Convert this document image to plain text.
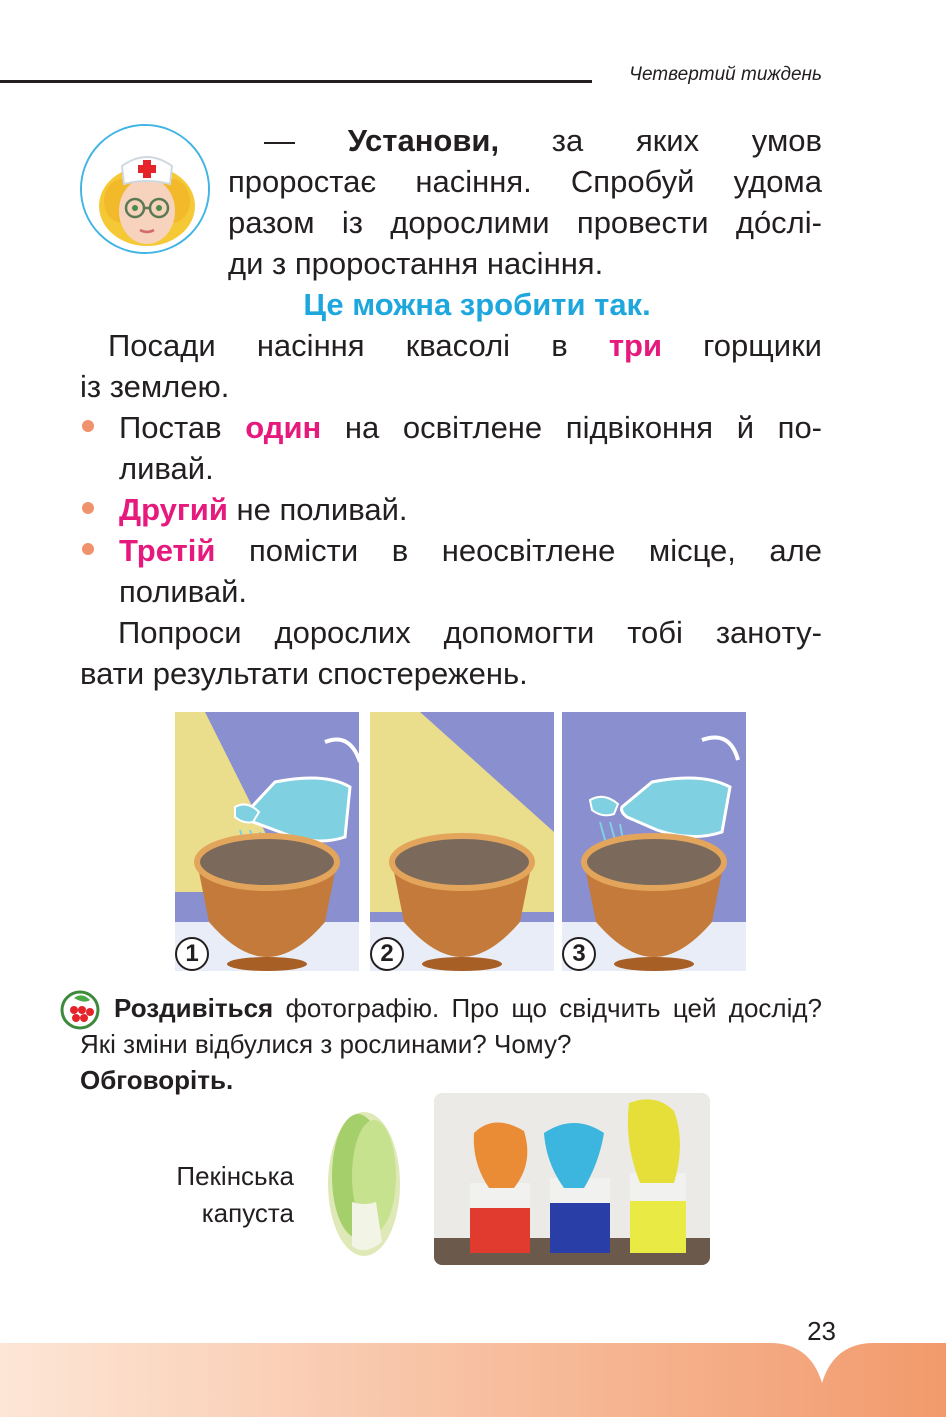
Четвертий тиждень

— Установи, за яких умов

проростає насіння. Спробуй удома

разом із дорослими провести до́слі-

ди з проростання насіння.

Це можна зробити так.

Посади насіння квасолі в три горщики

із землею.

Постав один на освітлене підвіконня й по-

ливай.

Другий не поливай.

Третій помісти в неосвітлене місце, але

поливай.

Попроси дорослих допомогти тобі занoту-

вати результати спостережень.

1	2	3

Роздивіться фотографію. Про що свідчить цей дослід? Які зміни відбулися з рослинами? Чому?
Обговоріть.

Пекінська
капуста
23
